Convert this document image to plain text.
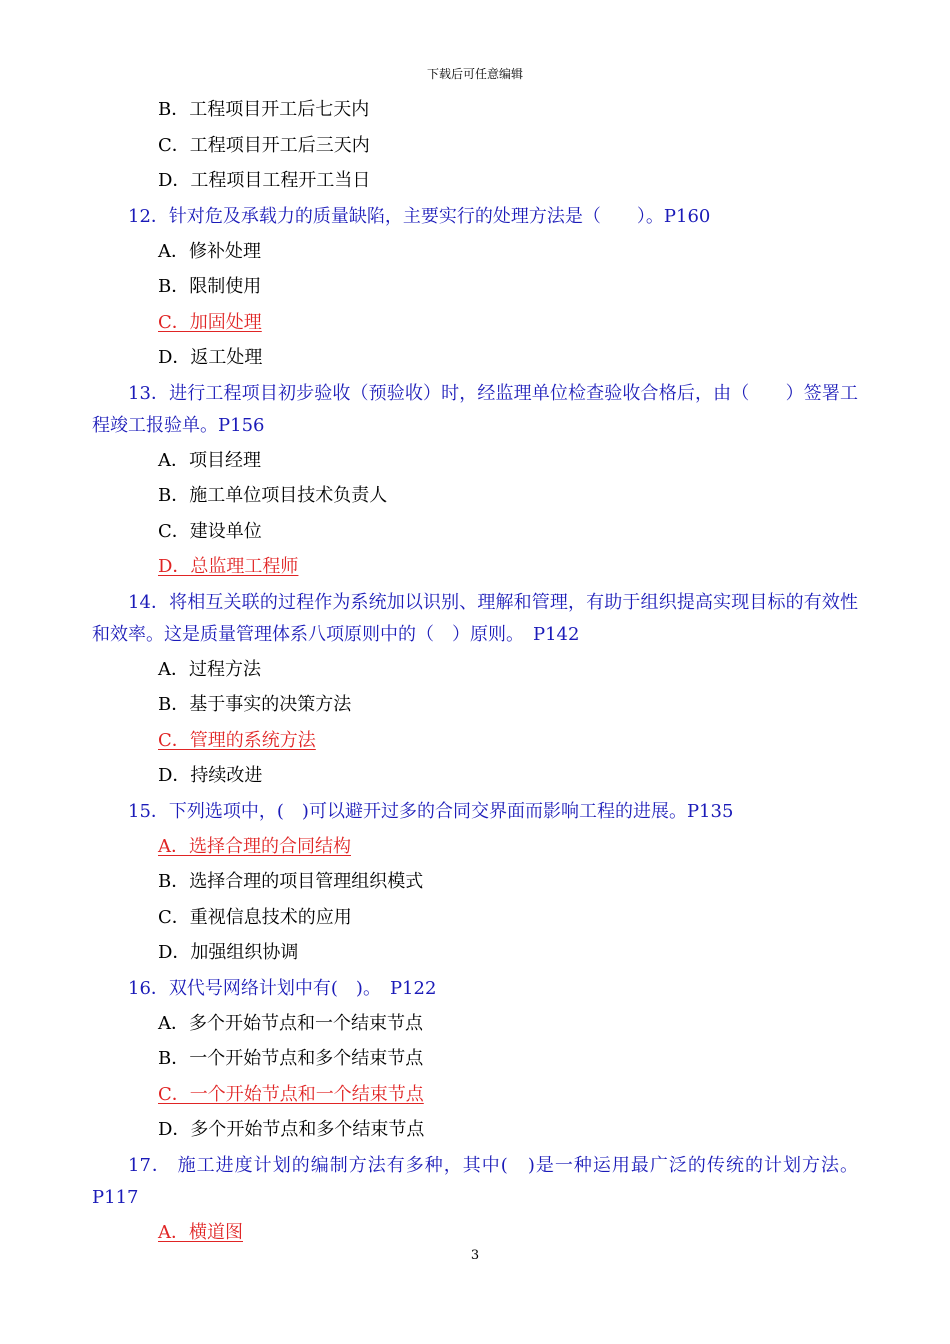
下载后可任意编辑
B．工程项目开工后七天内
C．工程项目开工后三天内
D．工程项目工程开工当日
12．针对危及承载力的质量缺陷，主要实行的处理方法是（　　）。P160
A．修补处理
B．限制使用
C．加固处理
D．返工处理
13．进行工程项目初步验收（预验收）时，经监理单位检查验收合格后，由（　　）签署工程竣工报验单。P156
A．项目经理
B．施工单位项目技术负责人
C．建设单位
D．总监理工程师
14．将相互关联的过程作为系统加以识别、理解和管理，有助于组织提高实现目标的有效性和效率。这是质量管理体系八项原则中的（　）原则。　P142
A．过程方法
B．基于事实的决策方法
C．管理的系统方法
D．持续改进
15．下列选项中，(　)可以避开过多的合同交界面而影响工程的进展。P135
A．选择合理的合同结构
B．选择合理的项目管理组织模式
C．重视信息技术的应用
D．加强组织协调
16．双代号网络计划中有(　)。　P122
A．多个开始节点和一个结束节点
B．一个开始节点和多个结束节点
C．一个开始节点和一个结束节点
D．多个开始节点和多个结束节点
17． 施工进度计划的编制方法有多种，其中(　)是一种运用最广泛的传统的计划方法。P117
A．横道图
3
